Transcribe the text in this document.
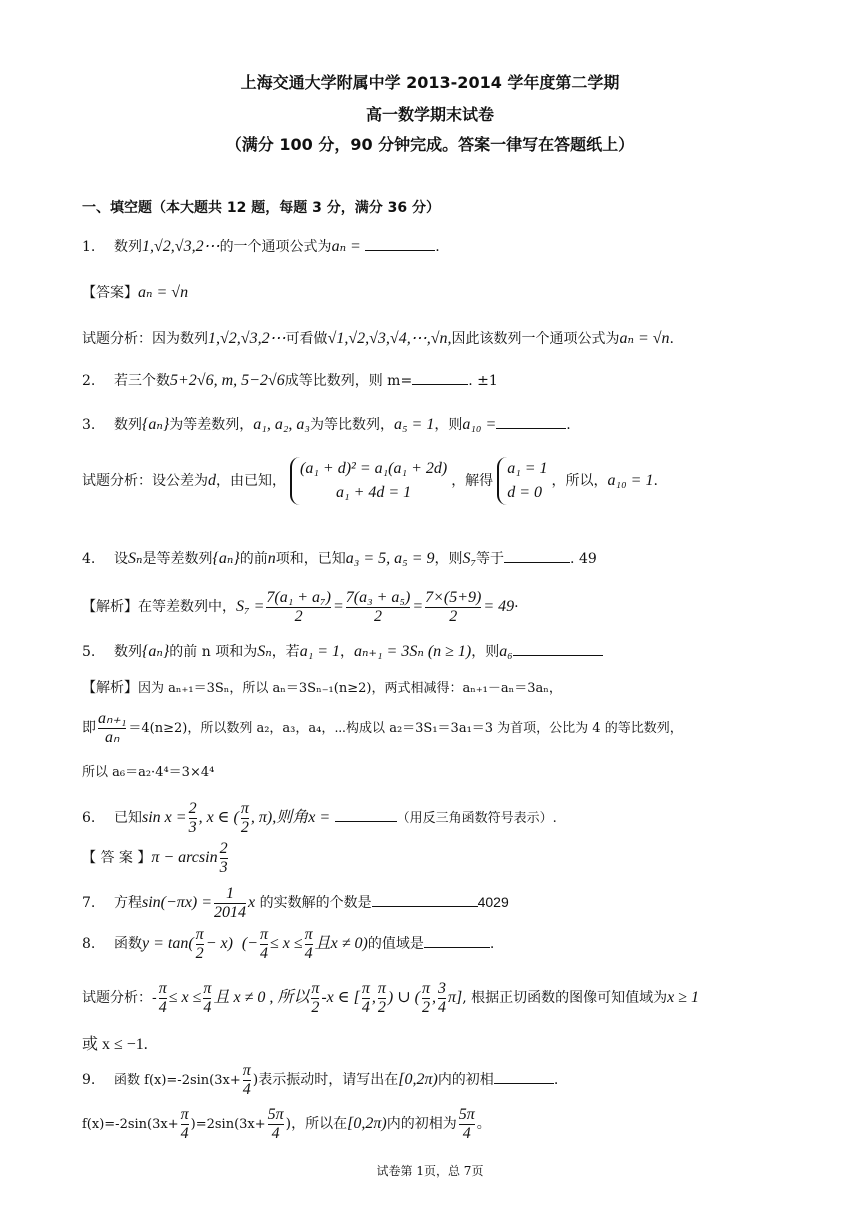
上海交通大学附属中学 2013-2014 学年度第二学期
高一数学期末试卷
（满分 100 分，90 分钟完成。答案一律写在答题纸上）
一、填空题（本大题共 12 题，每题 3 分，满分 36 分）
1. 数列1,√2,√3,2⋯的一个通项公式为aₙ =	.
【答案】aₙ = √n
试题分析：因为数列1,√2,√3,2⋯可看做√1,√2,√3,√4,⋯,√n,因此该数列一个通项公式为aₙ = √n.
2. 若三个数5+2√6, m, 5−2√6成等比数列，则 m=	. ±1
3. 数列{aₙ}为等差数列，a₁, a₂, a₃为等比数列，a₅ = 1，则a₁₀ =	.
试题分析：设公差为d，由已知，
(a₁ + d)² = a₁(a₁ + 2d)
a₁ + 4d = 1
，解得
a₁ = 1
d = 0
，所以，a₁₀ = 1.
4. 设Sₙ是等差数列{aₙ}的前n项和，已知a₃ = 5, a₅ = 9，则S₇等于	. 49
【解析】在等差数列中，$S_7 = \frac{\text{7(a₁ + a₇)}}{2} = \frac{\text{7(a₃ + a₅)}}{2} = \frac{7\times(5+9)}{2} = 49\cdot$
5. 数列{aₙ}的前 n 项和为Sₙ，若a₁ = 1，aₙ₊₁ = 3Sₙ (n ≥ 1)，则a₆
【解析】因为 aₙ₊₁＝3Sₙ，所以 aₙ＝3Sₙ₋₁(n≥2)，两式相减得：aₙ₊₁－aₙ＝3aₙ，
即 $\frac{\text{aₙ₊₁}}{\text{aₙ}} =4(n\ge 2)$，所以数列 a₂，a₃，a₄，⋯构成以 a₂＝3S₁＝3a₁＝3 为首项，公比为 4 的等比数列，
所以 a₆＝a₂·4⁴＝3×4⁴
6. 已知$\sin x = \frac{2}{3}$ , x ∈ ( $\frac{\pi}{2}$ , π),则角x =	（用反三角函数符号表示）.
【 答 案 】$\pi - \arcsin \frac{2}{3}$
7. 方程$\sin(-\pi x) = \frac{1}{2014}$ x 的实数解的个数是	4029
8. 函数$y = \tan( \frac{\pi}{2} - x)$ (− $\frac{\pi}{4} \le x \le \frac{\pi}{4}$ 且x ≠ 0)的值域是	.
试题分析：- $\frac{\pi}{4} \le x \le \frac{\pi}{4}$ 且 x ≠ 0 , 所以 $\frac{\pi}{2} -x$ ∈ [ $\frac{\pi}{4}$ , $\frac{\pi}{2}$ ) ∪ ( $\frac{\pi}{2}$ , $\frac{3}{4} \pi$], 根据正切函数的图像可知值域为x ≥ 1
或 x ≤ −1.
9. 函数 $f(x)=-2\sin(3x+ \frac{\pi}{4}$ )表示振动时，请写出在[0,2π)内的初相	.
$f(x)=-2\sin(3x+ \frac{\pi}{4} )=2\sin(3x+ \frac{5\pi}{4}$ )，所以在[0,2π)内的初相为 $\frac{5\pi}{4}$ 。
试卷第 1页，总 7页
